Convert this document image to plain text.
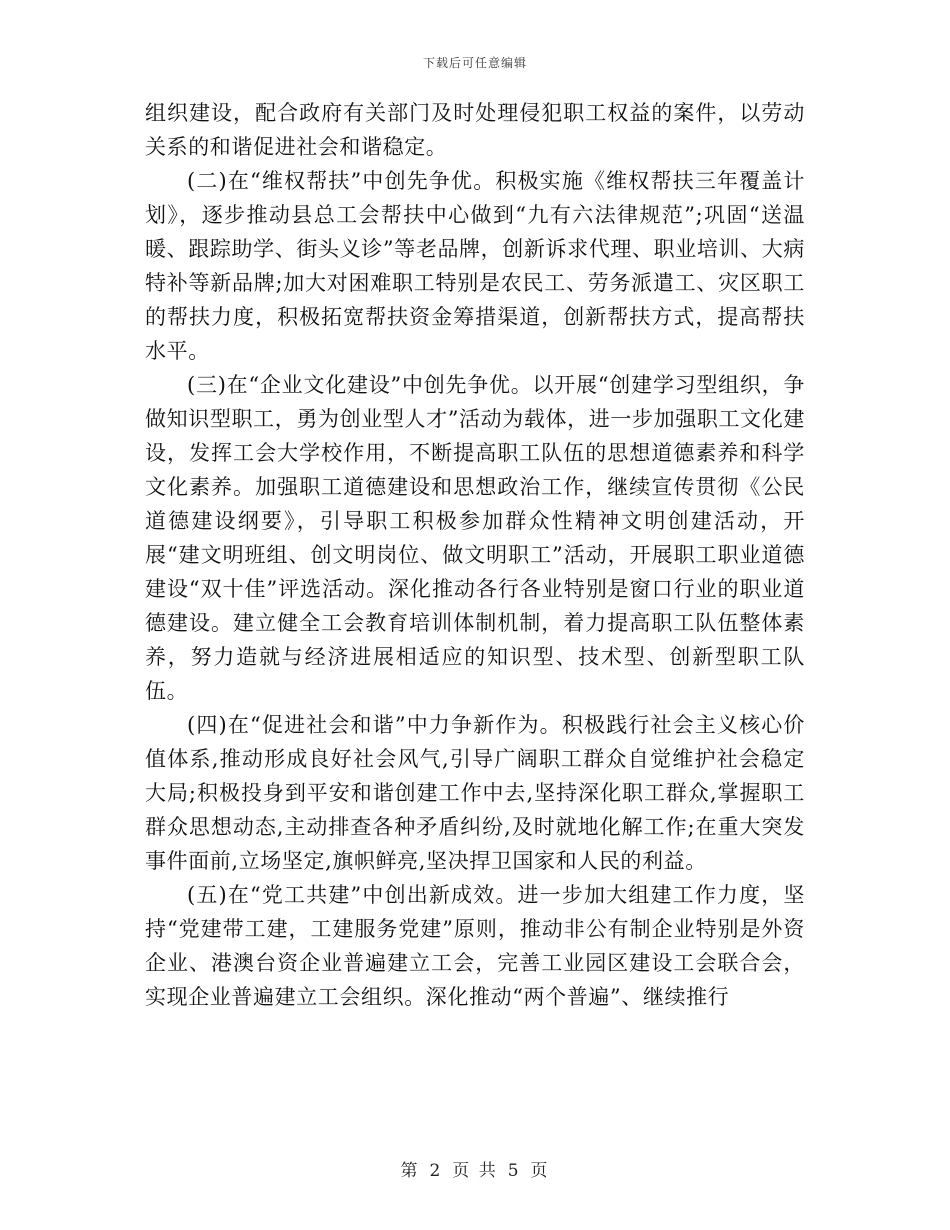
下载后可任意编辑

组织建设，配合政府有关部门及时处理侵犯职工权益的案件，以劳动关系的和谐促进社会和谐稳定。

(二)在“维权帮扶”中创先争优。积极实施《维权帮扶三年覆盖计划》，逐步推动县总工会帮扶中心做到“九有六法律规范”;巩固“送温暖、跟踪助学、街头义诊”等老品牌，创新诉求代理、职业培训、大病特补等新品牌;加大对困难职工特别是农民工、劳务派遣工、灾区职工的帮扶力度，积极拓宽帮扶资金筹措渠道，创新帮扶方式，提高帮扶水平。

(三)在“企业文化建设”中创先争优。以开展“创建学习型组织，争做知识型职工，勇为创业型人才”活动为载体，进一步加强职工文化建设，发挥工会大学校作用，不断提高职工队伍的思想道德素养和科学文化素养。加强职工道德建设和思想政治工作，继续宣传贯彻《公民道德建设纲要》，引导职工积极参加群众性精神文明创建活动，开展“建文明班组、创文明岗位、做文明职工”活动，开展职工职业道德建设“双十佳”评选活动。深化推动各行各业特别是窗口行业的职业道德建设。建立健全工会教育培训体制机制，着力提高职工队伍整体素养，努力造就与经济进展相适应的知识型、技术型、创新型职工队伍。

(四)在“促进社会和谐”中力争新作为。积极践行社会主义核心价值体系,推动形成良好社会风气,引导广阔职工群众自觉维护社会稳定大局;积极投身到平安和谐创建工作中去,坚持深化职工群众,掌握职工群众思想动态,主动排查各种矛盾纠纷,及时就地化解工作;在重大突发事件面前,立场坚定,旗帜鲜亮,坚决捍卫国家和人民的利益。

(五)在“党工共建”中创出新成效。进一步加大组建工作力度，坚持“党建带工建，工建服务党建”原则，推动非公有制企业特别是外资企业、港澳台资企业普遍建立工会，完善工业园区建设工会联合会，实现企业普遍建立工会组织。深化推动“两个普遍”、继续推行

第 2 页 共 5 页
